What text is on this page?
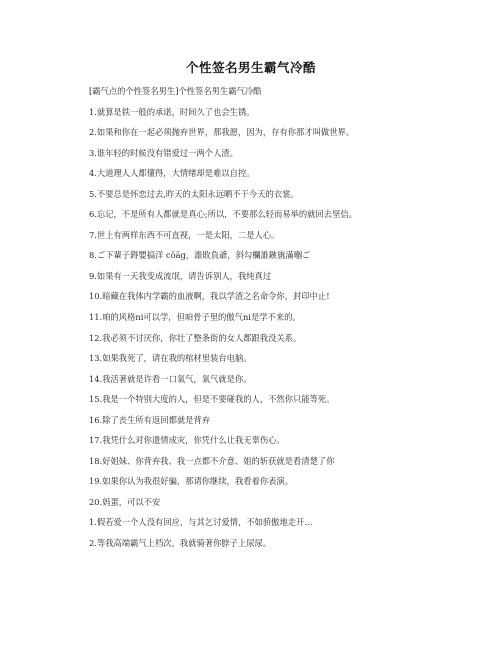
个性签名男生霸气冷酷
[霸气点的个性签名男生]个性签名男生霸气冷酷
1.就算是铁一般的承诺，时间久了也会生锈。
2.如果和你在一起必须抛弃世界，那我愿，因为，存有你那才叫做世界。
3.谁年轻的时候没有错爱过一两个人渣。
4.大道理人人都懂得，大情绪却是难以自控。
5.不要总是怀恋过去,昨天的太阳永远晒不干今天的衣裳。
6.忘记，不是所有人都就是真心;所以，不要那么轻而易举的就回去坚信。
7.世上有两样东西不可直视，一是太阳，二是人心。
8.ご下輩子鍀嬰搞洋 cōāg，誰敗負爺，斜勾欄誰鏃旐滿嗰ご
9.如果有一天我变成流氓，请告诉别人，我纯真过
10.暗藏在我体内学霸的血液啊，我以学渣之名命令你，封印中止!
11.咱的风格ni可以学，但咱骨子里的傲气ni是学不来的。
12.我必须不讨厌你，你壮了整条街的女人都跟我没关系。
13.如果我死了，请在我的棺材里装台电脑。
14.我活著就是许看一口氧气，氧气就是你。
15.我是一个特别大度的人，但是不要碰我的人，不然你只能等死。
16.除了丧生所有返回都就是背弃
17.我凭什么对你遗情成灾，你凭什么让我无辜伤心。
18.好姐妹、你背弃我、我一点都不介意、姐的斩获就是看清楚了你
19.如果你认为我很好骗，那请你继续，我看着你表演。
20.妈蛋，可以不安
1.假若爱一个人没有回应，与其乞讨爱情，不如骄傲地走开…
2.等我高端霸气上档次，我就骑著你脖子上尿尿。
